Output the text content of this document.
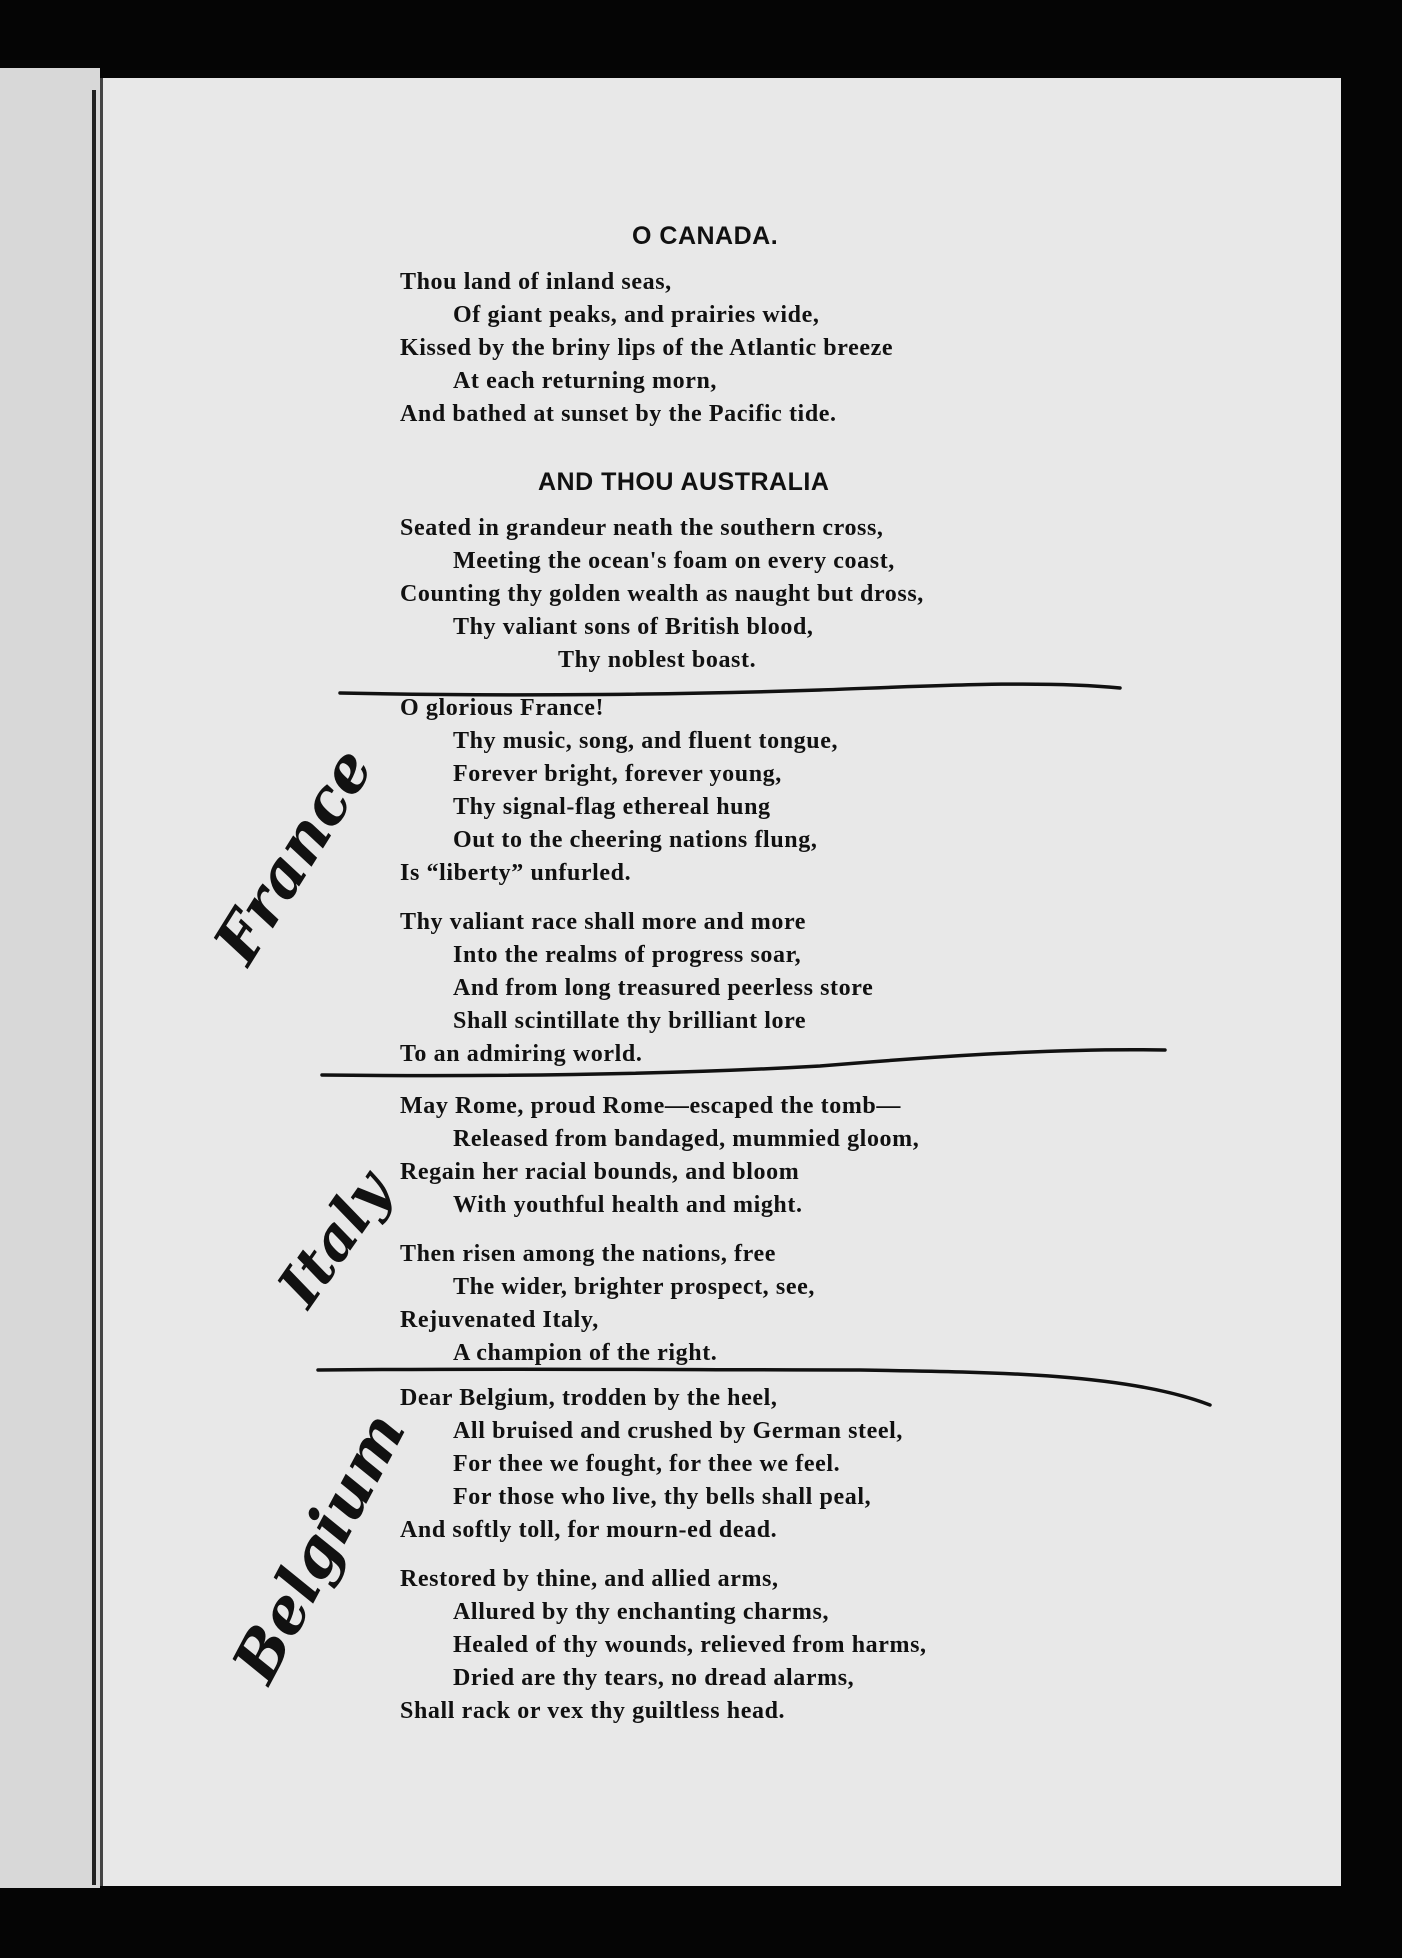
O CANADA.
Thou land of inland seas,
Of giant peaks, and prairies wide,
Kissed by the briny lips of the Atlantic breeze
At each returning morn,
And bathed at sunset by the Pacific tide.
AND THOU AUSTRALIA
Seated in grandeur neath the southern cross,
Meeting the ocean's foam on every coast,
Counting thy golden wealth as naught but dross,
Thy valiant sons of British blood,
Thy noblest boast.
O glorious France!
Thy music, song, and fluent tongue,
Forever bright, forever young,
Thy signal-flag ethereal hung
Out to the cheering nations flung,
Is “liberty” unfurled.
Thy valiant race shall more and more
Into the realms of progress soar,
And from long treasured peerless store
Shall scintillate thy brilliant lore
To an admiring world.
May Rome, proud Rome—escaped the tomb—
Released from bandaged, mummied gloom,
Regain her racial bounds, and bloom
With youthful health and might.
Then risen among the nations, free
The wider, brighter prospect, see,
Rejuvenated Italy,
A champion of the right.
Dear Belgium, trodden by the heel,
All bruised and crushed by German steel,
For thee we fought, for thee we feel.
For those who live, thy bells shall peal,
And softly toll, for mourn-ed dead.
Restored by thine, and allied arms,
Allured by thy enchanting charms,
Healed of thy wounds, relieved from harms,
Dried are thy tears, no dread alarms,
Shall rack or vex thy guiltless head.
France
Italy
Belgium
